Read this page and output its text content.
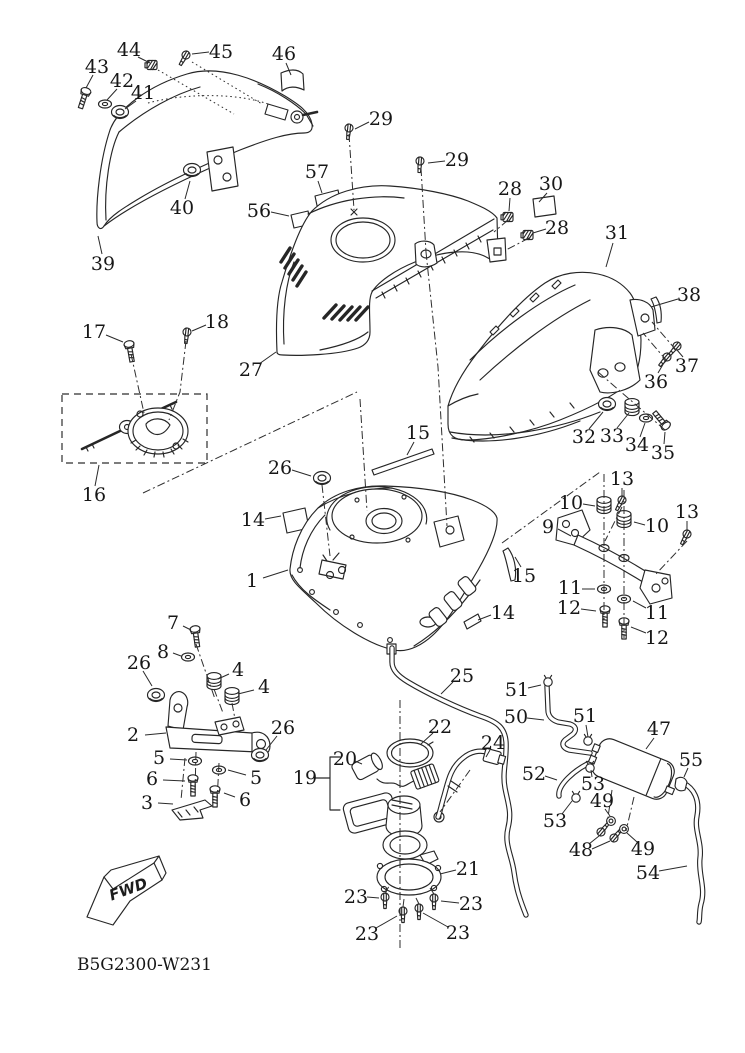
FWD
B5G2300-W231
43
44	45 46
42
41
40
39
29
29
57
56
28 30
28
27
31
38
37
36
32 33 34 35
17	18
16
26
14
15
1	15
14
13
10
10
13
9
11
12	11
12
7
8
26	4
4
2	26
5
6	5
3	6
19
20
22
24
21
23	23
23	23
25
51
50 51
47
55
52 53
49
53
48 49
54
